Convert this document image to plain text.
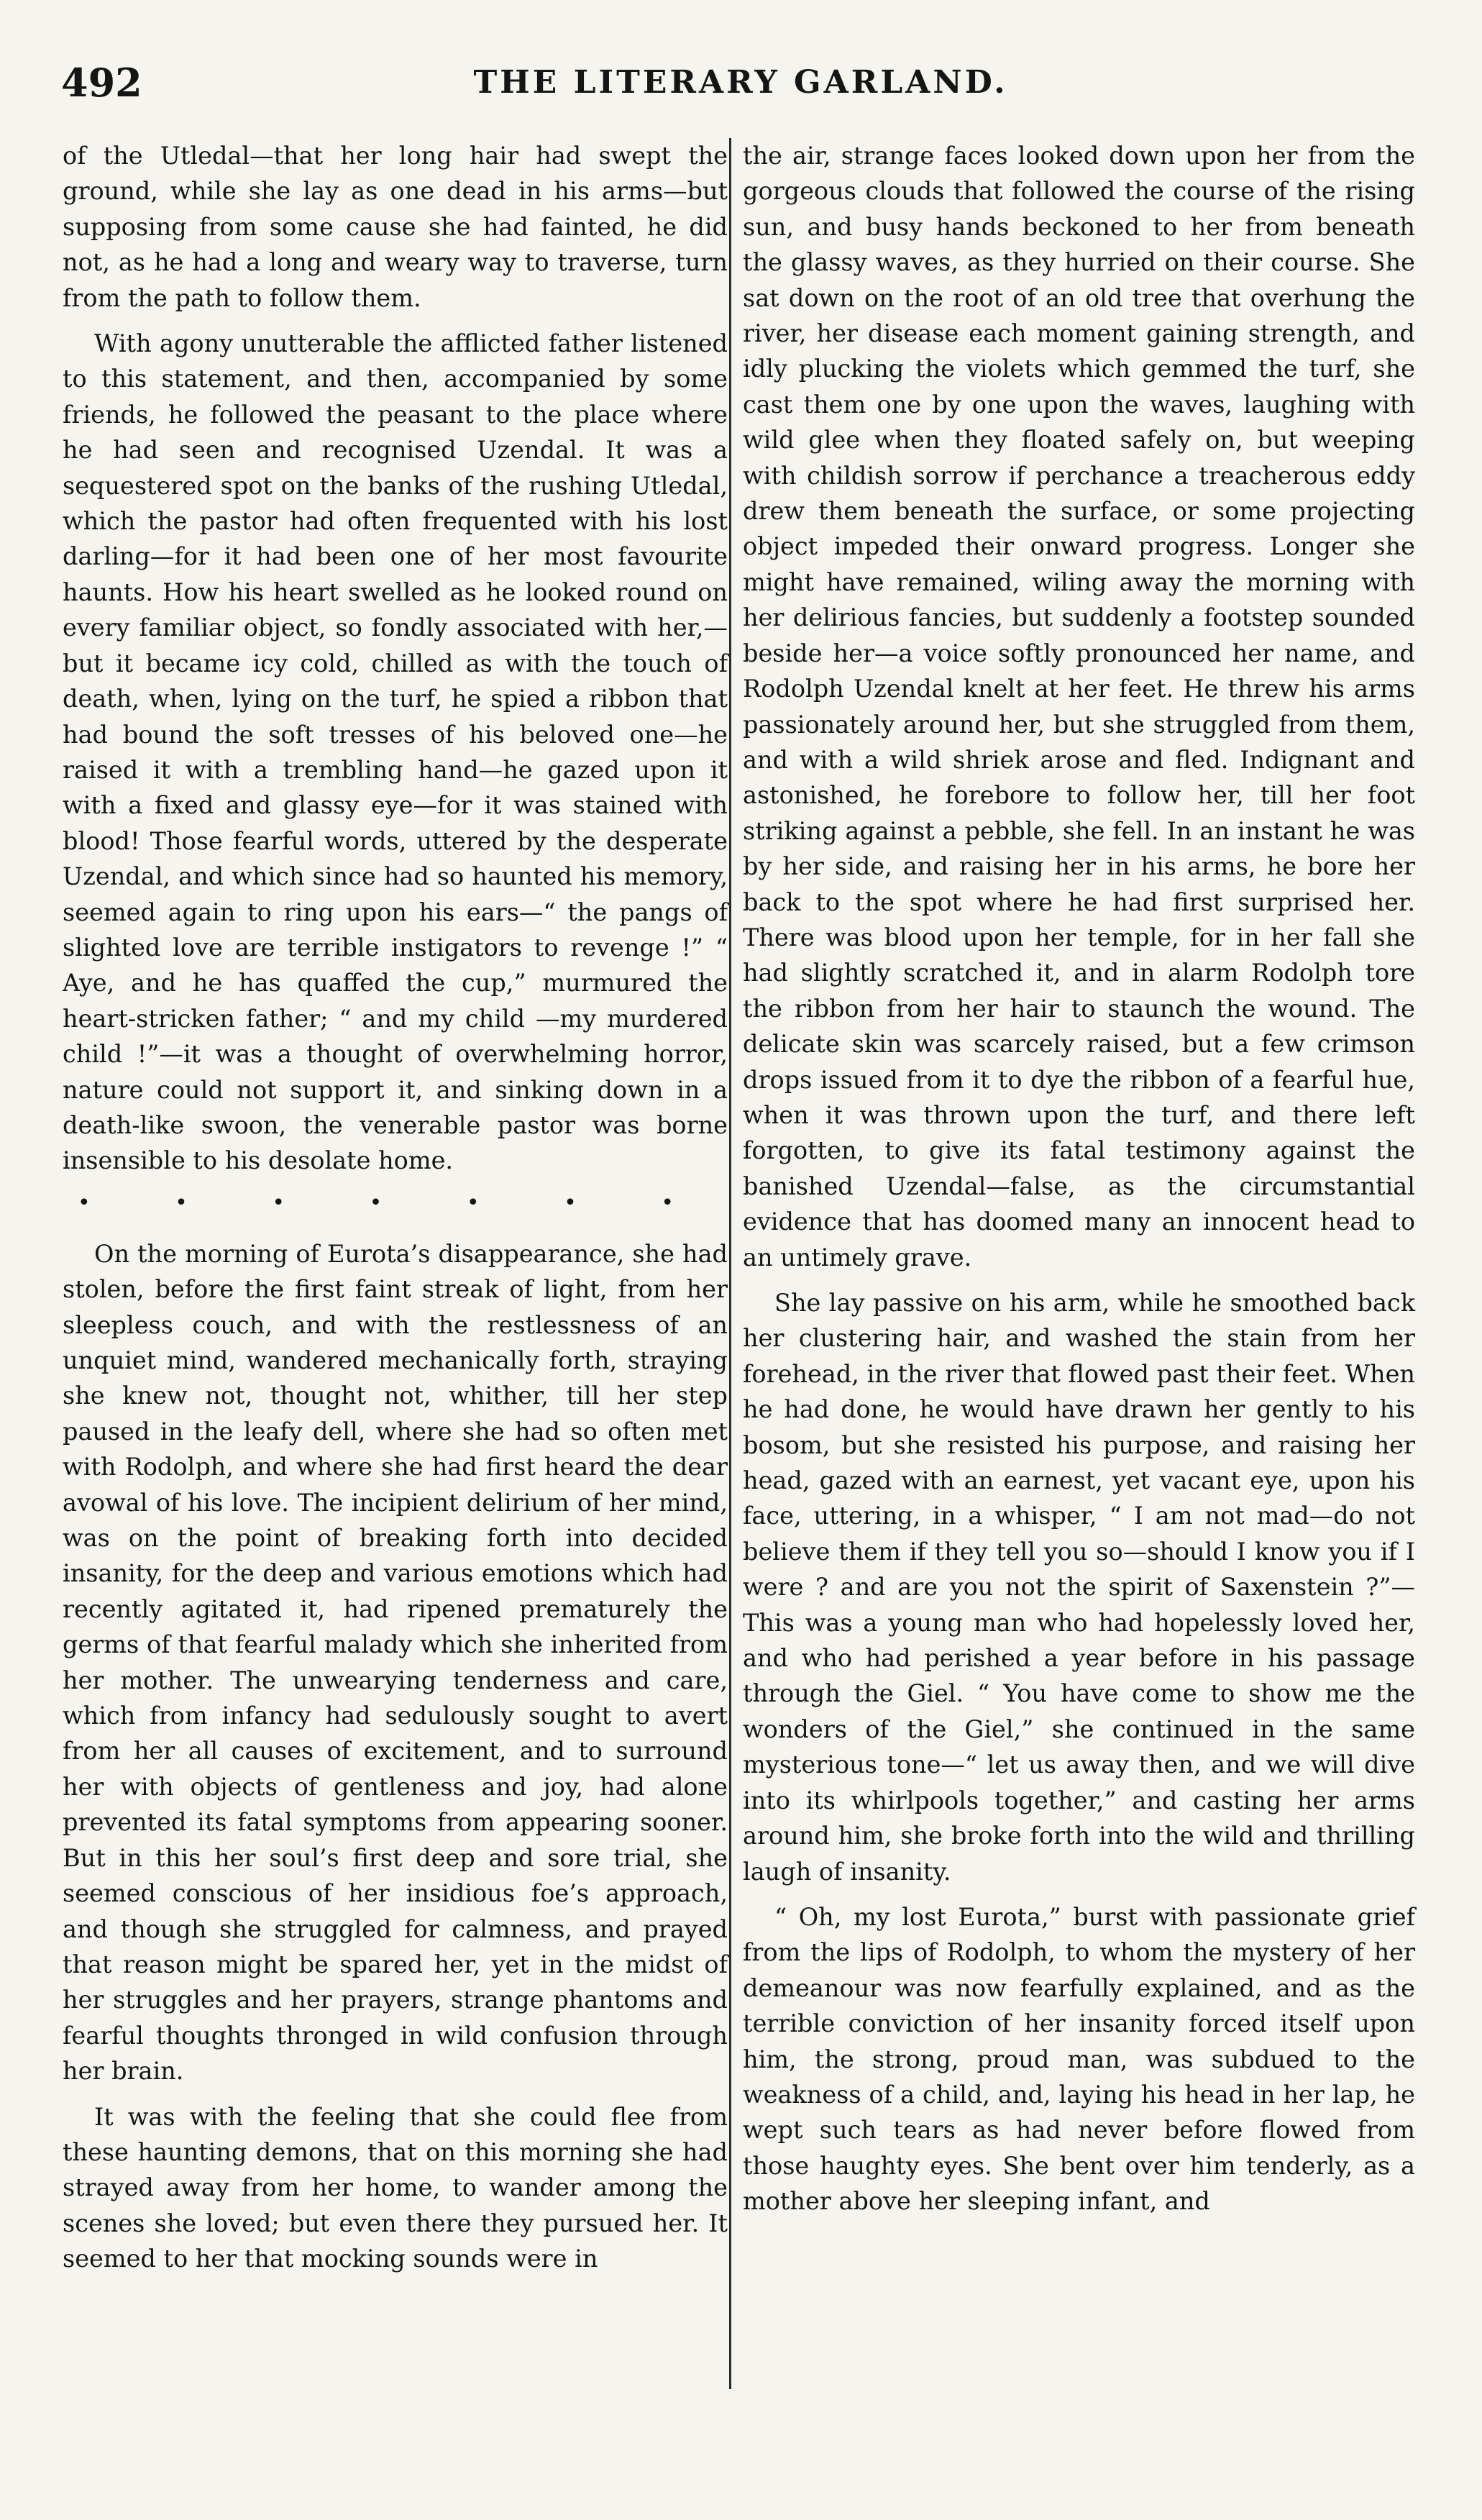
492	THE LITERARY GARLAND.

of the Utledal—that her long hair had swept the ground, while she lay as one dead in his arms—but supposing from some cause she had fainted, he did not, as he had a long and weary way to traverse, turn from the path to follow them.

With agony unutterable the afflicted father listened to this statement, and then, accompanied by some friends, he followed the peasant to the place where he had seen and recognised Uzendal. It was a sequestered spot on the banks of the rushing Utledal, which the pastor had often frequented with his lost darling—for it had been one of her most favourite haunts. How his heart swelled as he looked round on every familiar object, so fondly associated with her,—but it became icy cold, chilled as with the touch of death, when, lying on the turf, he spied a ribbon that had bound the soft tresses of his beloved one—he raised it with a trembling hand—he gazed upon it with a fixed and glassy eye—for it was stained with blood! Those fearful words, uttered by the desperate Uzendal, and which since had so haunted his memory, seemed again to ring upon his ears—“ the pangs of slighted love are terrible instigators to revenge !” “ Aye, and he has quaffed the cup,” murmured the heart-stricken father; “ and my child —my murdered child !”—it was a thought of overwhelming horror, nature could not support it, and sinking down in a death-like swoon, the venerable pastor was borne insensible to his desolate home.

• • • • • • •

On the morning of Eurota’s disappearance, she had stolen, before the first faint streak of light, from her sleepless couch, and with the restlessness of an unquiet mind, wandered mechanically forth, straying she knew not, thought not, whither, till her step paused in the leafy dell, where she had so often met with Rodolph, and where she had first heard the dear avowal of his love. The incipient delirium of her mind, was on the point of breaking forth into decided insanity, for the deep and various emotions which had recently agitated it, had ripened prematurely the germs of that fearful malady which she inherited from her mother. The unwearying tenderness and care, which from infancy had sedulously sought to avert from her all causes of excitement, and to surround her with objects of gentleness and joy, had alone prevented its fatal symptoms from appearing sooner. But in this her soul’s first deep and sore trial, she seemed conscious of her insidious foe’s approach, and though she struggled for calmness, and prayed that reason might be spared her, yet in the midst of her struggles and her prayers, strange phantoms and fearful thoughts thronged in wild confusion through her brain.

It was with the feeling that she could flee from these haunting demons, that on this morning she had strayed away from her home, to wander among the scenes she loved; but even there they pursued her. It seemed to her that mocking sounds were in

the air, strange faces looked down upon her from the gorgeous clouds that followed the course of the rising sun, and busy hands beckoned to her from beneath the glassy waves, as they hurried on their course. She sat down on the root of an old tree that overhung the river, her disease each moment gaining strength, and idly plucking the violets which gemmed the turf, she cast them one by one upon the waves, laughing with wild glee when they floated safely on, but weeping with childish sorrow if perchance a treacherous eddy drew them beneath the surface, or some projecting object impeded their onward progress. Longer she might have remained, wiling away the morning with her delirious fancies, but suddenly a footstep sounded beside her—a voice softly pronounced her name, and Rodolph Uzendal knelt at her feet. He threw his arms passionately around her, but she struggled from them, and with a wild shriek arose and fled. Indignant and astonished, he forebore to follow her, till her foot striking against a pebble, she fell. In an instant he was by her side, and raising her in his arms, he bore her back to the spot where he had first surprised her. There was blood upon her temple, for in her fall she had slightly scratched it, and in alarm Rodolph tore the ribbon from her hair to staunch the wound. The delicate skin was scarcely raised, but a few crimson drops issued from it to dye the ribbon of a fearful hue, when it was thrown upon the turf, and there left forgotten, to give its fatal testimony against the banished Uzendal—false, as the circumstantial evidence that has doomed many an innocent head to an untimely grave.

She lay passive on his arm, while he smoothed back her clustering hair, and washed the stain from her forehead, in the river that flowed past their feet. When he had done, he would have drawn her gently to his bosom, but she resisted his purpose, and raising her head, gazed with an earnest, yet vacant eye, upon his face, uttering, in a whisper, “ I am not mad—do not believe them if they tell you so—should I know you if I were ? and are you not the spirit of Saxenstein ?”—This was a young man who had hopelessly loved her, and who had perished a year before in his passage through the Giel. “ You have come to show me the wonders of the Giel,” she continued in the same mysterious tone—“ let us away then, and we will dive into its whirlpools together,” and casting her arms around him, she broke forth into the wild and thrilling laugh of insanity.

“ Oh, my lost Eurota,” burst with passionate grief from the lips of Rodolph, to whom the mystery of her demeanour was now fearfully explained, and as the terrible conviction of her insanity forced itself upon him, the strong, proud man, was subdued to the weakness of a child, and, laying his head in her lap, he wept such tears as had never before flowed from those haughty eyes. She bent over him tenderly, as a mother above her sleeping infant, and
